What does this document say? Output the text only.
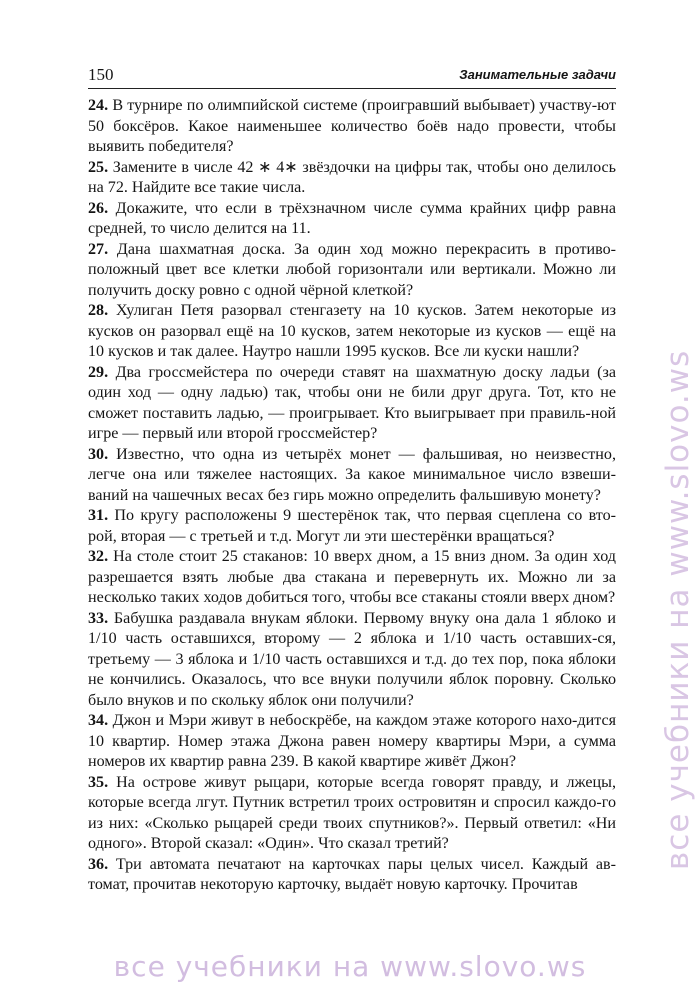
150	Занимательные задачи

24. В турнире по олимпийской системе (проигравший выбывает) участву-ют 50 боксёров. Какое наименьшее количество боёв надо провести, чтобы выявить победителя?

25. Замените в числе 42 ∗ 4∗ звёздочки на цифры так, чтобы оно делилось на 72. Найдите все такие числа.

26. Докажите, что если в трёхзначном числе сумма крайних цифр равна средней, то число делится на 11.

27. Дана шахматная доска. За один ход можно перекрасить в противо-положный цвет все клетки любой горизонтали или вертикали. Можно ли получить доску ровно с одной чёрной клеткой?

28. Хулиган Петя разорвал стенгазету на 10 кусков. Затем некоторые из кусков он разорвал ещё на 10 кусков, затем некоторые из кусков — ещё на 10 кусков и так далее. Наутро нашли 1995 кусков. Все ли куски нашли?

29. Два гроссмейстера по очереди ставят на шахматную доску ладьи (за один ход — одну ладью) так, чтобы они не били друг друга. Тот, кто не сможет поставить ладью, — проигрывает. Кто выигрывает при правиль-ной игре — первый или второй гроссмейстер?

30. Известно, что одна из четырёх монет — фальшивая, но неизвестно, легче она или тяжелее настоящих. За какое минимальное число взвеши-ваний на чашечных весах без гирь можно определить фальшивую монету?

31. По кругу расположены 9 шестерёнок так, что первая сцеплена со вто-рой, вторая — с третьей и т.д. Могут ли эти шестерёнки вращаться?

32. На столе стоит 25 стаканов: 10 вверх дном, а 15 вниз дном. За один ход разрешается взять любые два стакана и перевернуть их. Можно ли за несколько таких ходов добиться того, чтобы все стаканы стояли вверх дном?

33. Бабушка раздавала внукам яблоки. Первому внуку она дала 1 яблоко и 1/10 часть оставшихся, второму — 2 яблока и 1/10 часть оставших-ся, третьему — 3 яблока и 1/10 часть оставшихся и т.д. до тех пор, пока яблоки не кончились. Оказалось, что все внуки получили яблок поровну. Сколько было внуков и по скольку яблок они получили?

34. Джон и Мэри живут в небоскрёбе, на каждом этаже которого нахо-дится 10 квартир. Номер этажа Джона равен номеру квартиры Мэри, а сумма номеров их квартир равна 239. В какой квартире живёт Джон?

35. На острове живут рыцари, которые всегда говорят правду, и лжецы, которые всегда лгут. Путник встретил троих островитян и спросил каждо-го из них: «Сколько рыцарей среди твоих спутников?». Первый ответил: «Ни одного». Второй сказал: «Один». Что сказал третий?

36. Три автомата печатают на карточках пары целых чисел. Каждый ав-томат, прочитав некоторую карточку, выдаёт новую карточку. Прочитав

все учебники на www.slovo.ws
все учебники на www.slovo.ws
